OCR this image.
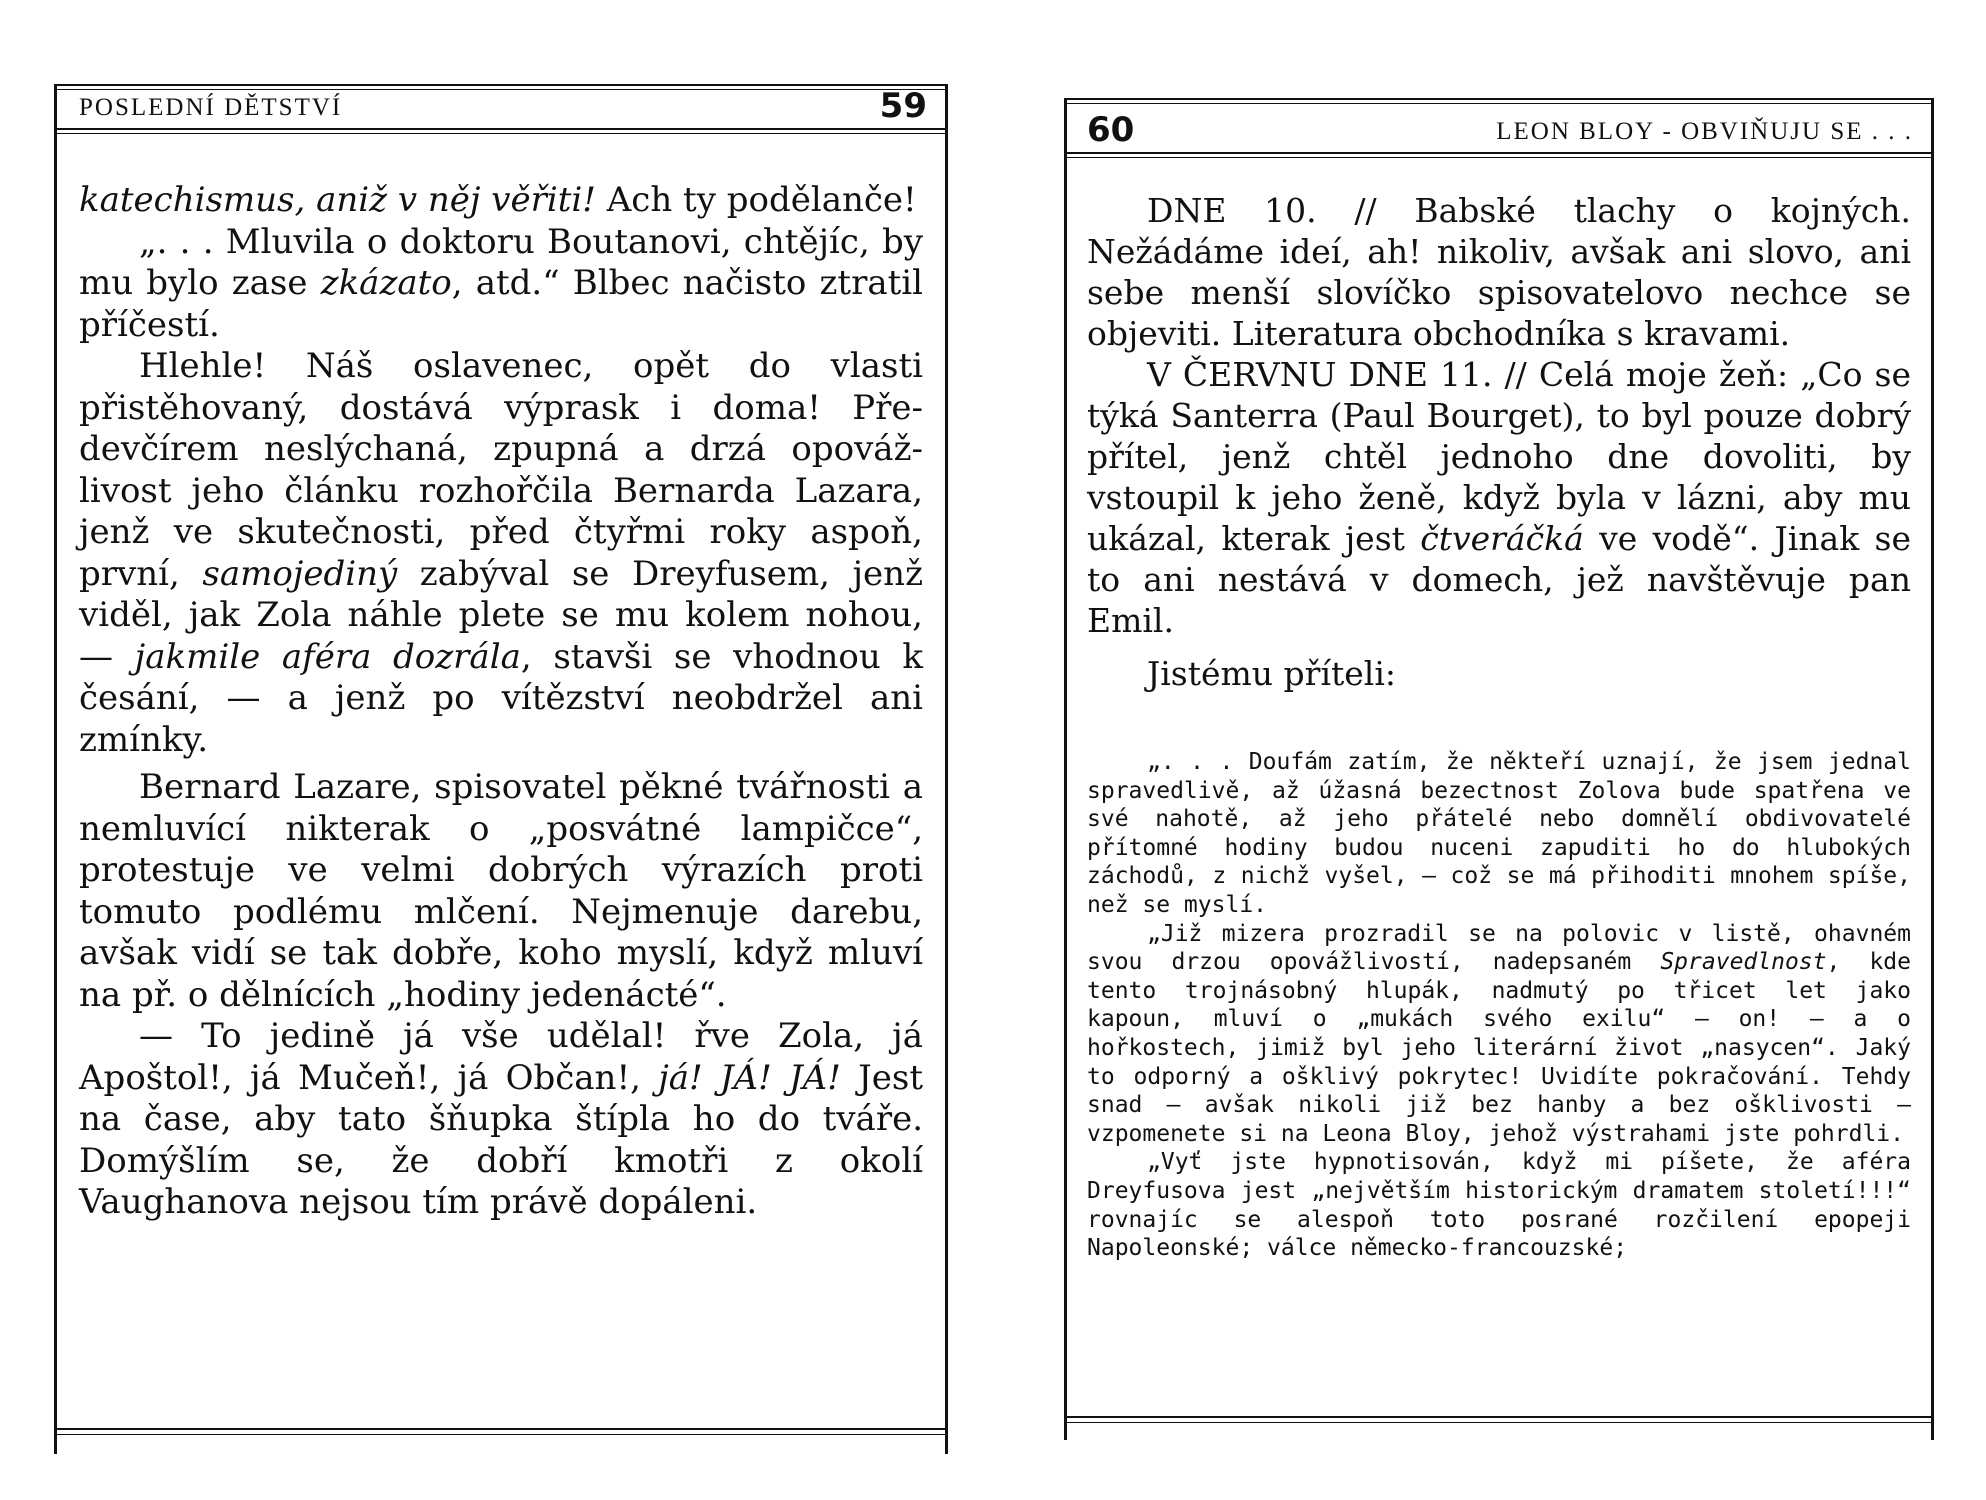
POSLEDNÍ DĚTSTVÍ	59

katechismus, aniž v něj věřiti! Ach ty podělanče!

„. . . Mluvila o doktoru Boutanovi, chtějíc, by mu bylo zase zkázato, atd.“ Blbec načisto ztratil příčestí.

Hlehle! Náš oslavenec, opět do vlasti přistěhovaný, dostává výprask i doma! Předevčírem neslýchaná, zpupná a drzá opovážlivost jeho článku rozhořčila Bernarda Lazara, jenž ve skutečnosti, před čtyřmi roky aspoň, první, samojediný zabýval se Dreyfusem, jenž viděl, jak Zola náhle plete se mu kolem nohou, — jakmile aféra dozrála, stavši se vhodnou k česání, — a jenž po vítězství neobdržel ani zmínky.

Bernard Lazare, spisovatel pěkné tvářnosti a nemluvící nikterak o „posvátné lampičce“, protestuje ve velmi dobrých výrazích proti tomuto podlému mlčení. Nejmenuje darebu, avšak vidí se tak dobře, koho myslí, když mluví na př. o dělnících „hodiny jedenácté“.

— To jedině já vše udělal! řve Zola, já Apoštol!, já Mučeň!, já Občan!, já! JÁ! JÁ! Jest na čase, aby tato šňupka štípla ho do tváře. Domýšlím se, že dobří kmotři z okolí Vaughanova nejsou tím právě dopáleni.

60	LEON BLOY - OBVIŇUJU SE . . .

DNE 10. // Babské tlachy o kojných. Nežádáme ideí, ah! nikoliv, avšak ani slovo, ani sebe menší slovíčko spisovatelovo nechce se objeviti. Literatura obchodníka s kravami.

V ČERVNU DNE 11. // Celá moje žeň: „Co se týká Santerra (Paul Bourget), to byl pouze dobrý přítel, jenž chtěl jednoho dne dovoliti, by vstoupil k jeho ženě, když byla v lázni, aby mu ukázal, kterak jest čtveráčká ve vodě“. Jinak se to ani nestává v domech, jež navštěvuje pan Emil.

Jistému příteli:

„. . . Doufám zatím, že někteří uznají, že jsem jednal spravedlivě, až úžasná bezectnost Zolova bude spatřena ve své nahotě, až jeho přátelé nebo domnělí obdivovatelé přítomné hodiny budou nuceni zapuditi ho do hlubokých záchodů, z nichž vyšel, — což se má přihoditi mnohem spíše, než se myslí.

„Již mizera prozradil se na polovic v listě, ohavném svou drzou opovážlivostí, nadepsaném Spravedlnost, kde tento trojnásobný hlupák, nadmutý po třicet let jako kapoun, mluví o „mukách svého exilu“ — on! — a o hořkostech, jimiž byl jeho literární život „nasycen“. Jaký to odporný a ošklivý pokrytec! Uvidíte pokračování. Tehdy snad — avšak nikoli již bez hanby a bez ošklivosti — vzpomenete si na Leona Bloy, jehož výstrahami jste pohrdli.

„Vyť jste hypnotisován, když mi píšete, že aféra Dreyfusova jest „největším historickým dramatem století!!!“ rovnajíc se alespoň toto posrané rozčilení epopeji Napoleonské; válce německo-francouzské;
